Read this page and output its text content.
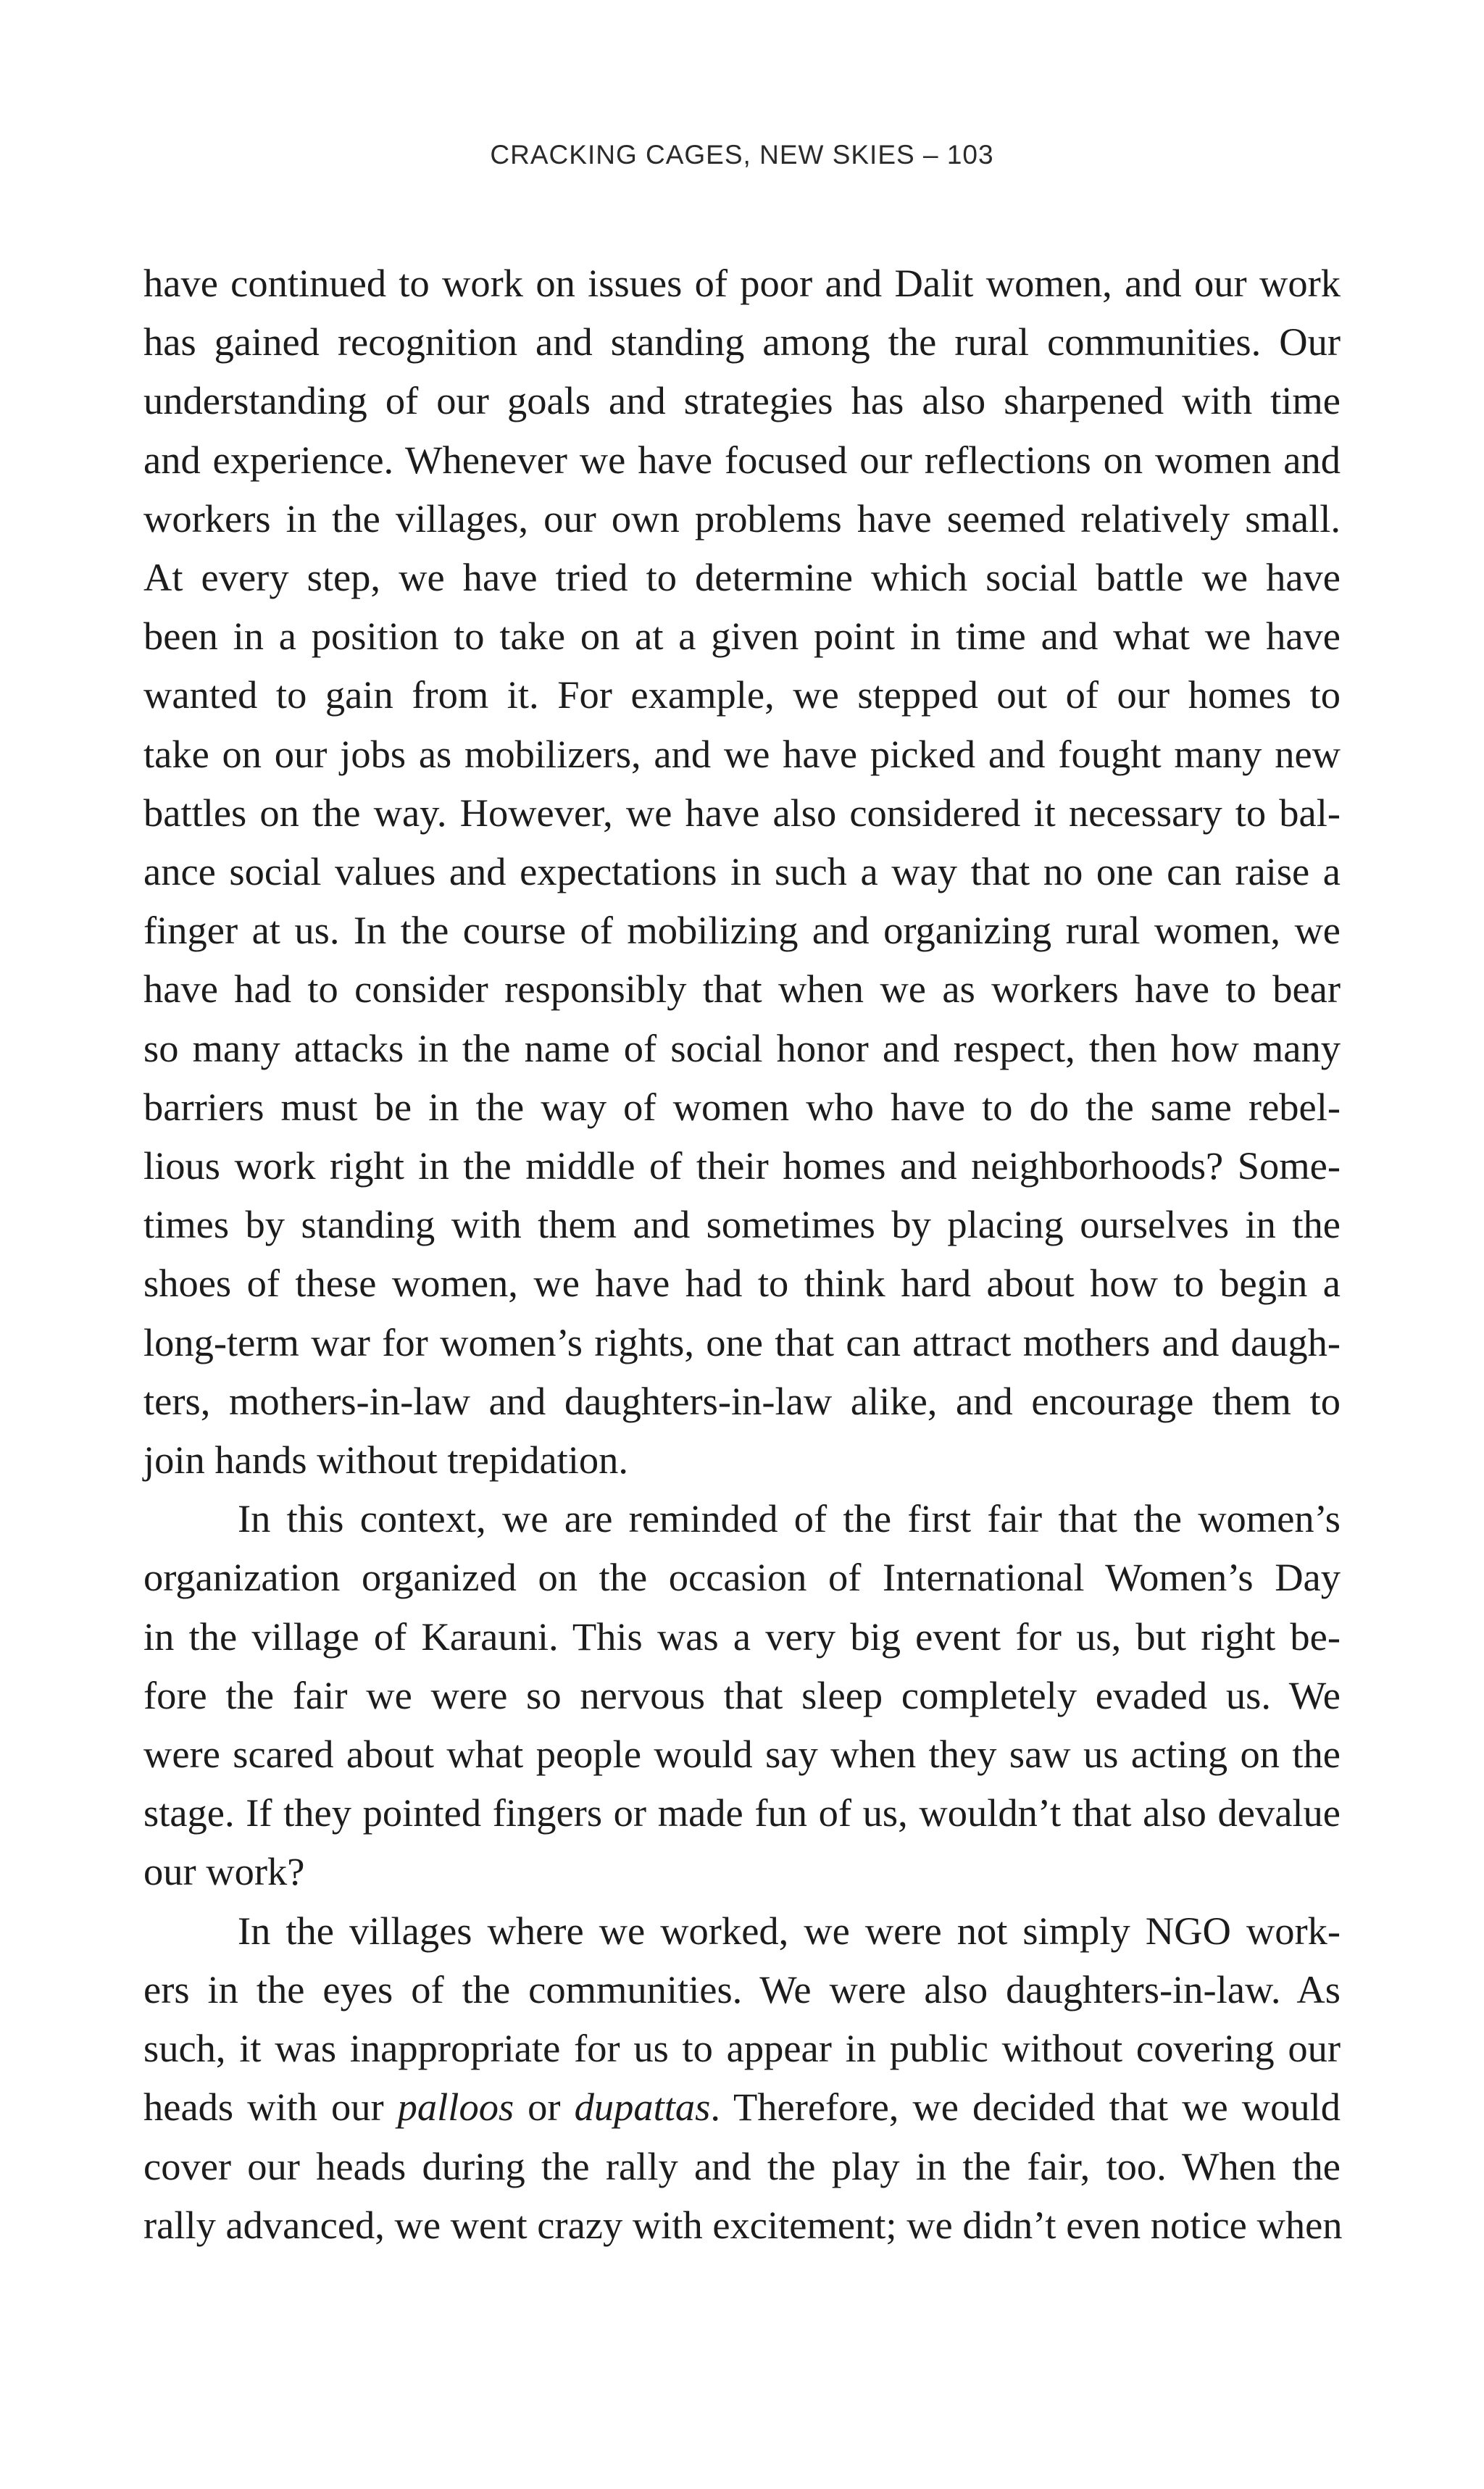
CRACKING CAGES, NEW SKIES – 103
have continued to work on issues of poor and Dalit women, and our work
has gained recognition and standing among the rural communities. Our
understanding of our goals and strategies has also sharpened with time
and experience. Whenever we have focused our reflections on women and
workers in the villages, our own problems have seemed relatively small.
At every step, we have tried to determine which social battle we have
been in a position to take on at a given point in time and what we have
wanted to gain from it. For example, we stepped out of our homes to
take on our jobs as mobilizers, and we have picked and fought many new
battles on the way. However, we have also considered it necessary to bal-
ance social values and expectations in such a way that no one can raise a
finger at us. In the course of mobilizing and organizing rural women, we
have had to consider responsibly that when we as workers have to bear
so many attacks in the name of social honor and respect, then how many
barriers must be in the way of women who have to do the same rebel-
lious work right in the middle of their homes and neighborhoods? Some-
times by standing with them and sometimes by placing ourselves in the
shoes of these women, we have had to think hard about how to begin a
long-term war for women’s rights, one that can attract mothers and daugh-
ters, mothers-in-law and daughters-in-law alike, and encourage them to
join hands without trepidation.
In this context, we are reminded of the first fair that the women’s
organization organized on the occasion of International Women’s Day
in the village of Karauni. This was a very big event for us, but right be-
fore the fair we were so nervous that sleep completely evaded us. We
were scared about what people would say when they saw us acting on the
stage. If they pointed fingers or made fun of us, wouldn’t that also devalue
our work?
In the villages where we worked, we were not simply NGO work-
ers in the eyes of the communities. We were also daughters-in-law. As
such, it was inappropriate for us to appear in public without covering our
heads with our palloos or dupattas. Therefore, we decided that we would
cover our heads during the rally and the play in the fair, too. When the
rally advanced, we went crazy with excitement; we didn’t even notice when
